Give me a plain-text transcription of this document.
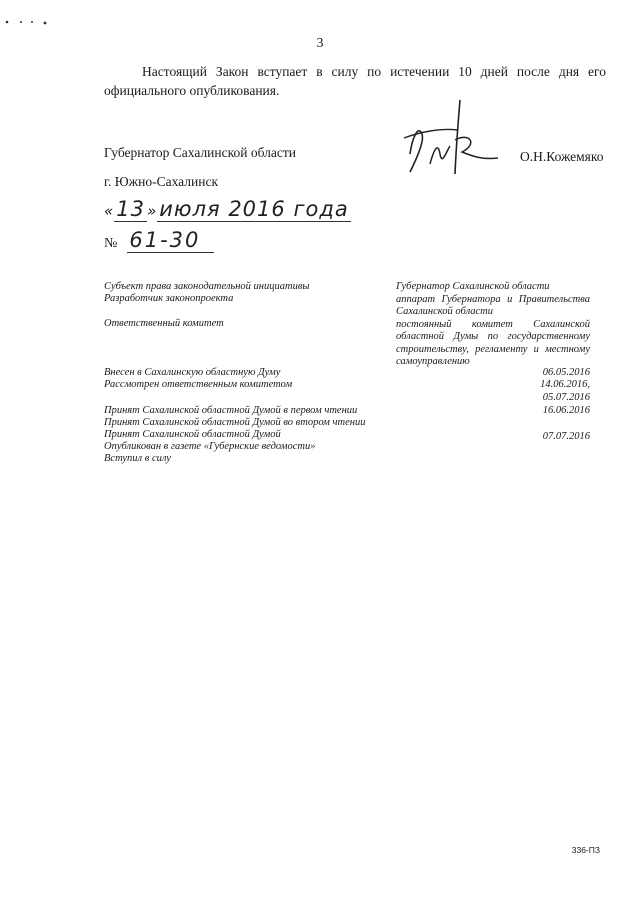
3
Настоящий Закон вступает в силу по истечении 10 дней после дня его официального опубликования.
Губернатор Сахалинской области	О.Н.Кожемяко
г. Южно-Сахалинск
«13 »июля 2016 года
№ 61-30
Субъект права законодательной инициативы
Разработчик законопроекта
Ответственный комитет
Внесен в Сахалинскую областную Думу
Рассмотрен ответственным комитетом
Принят Сахалинской областной Думой в первом чтении
Принят Сахалинской областной Думой во втором чтении
Принят Сахалинской областной Думой
Опубликован в газете «Губернские ведомости»
Вступил в силу
Губернатор Сахалинской области
аппарат Губернатора и Правительства
Сахалинской области
постоянный комитет Сахалинской
областной Думы по государственному
строительству, регламенту и местному
самоуправлению
06.05.2016
14.06.2016,
05.07.2016
16.06.2016
07.07.2016
336-ПЗ
